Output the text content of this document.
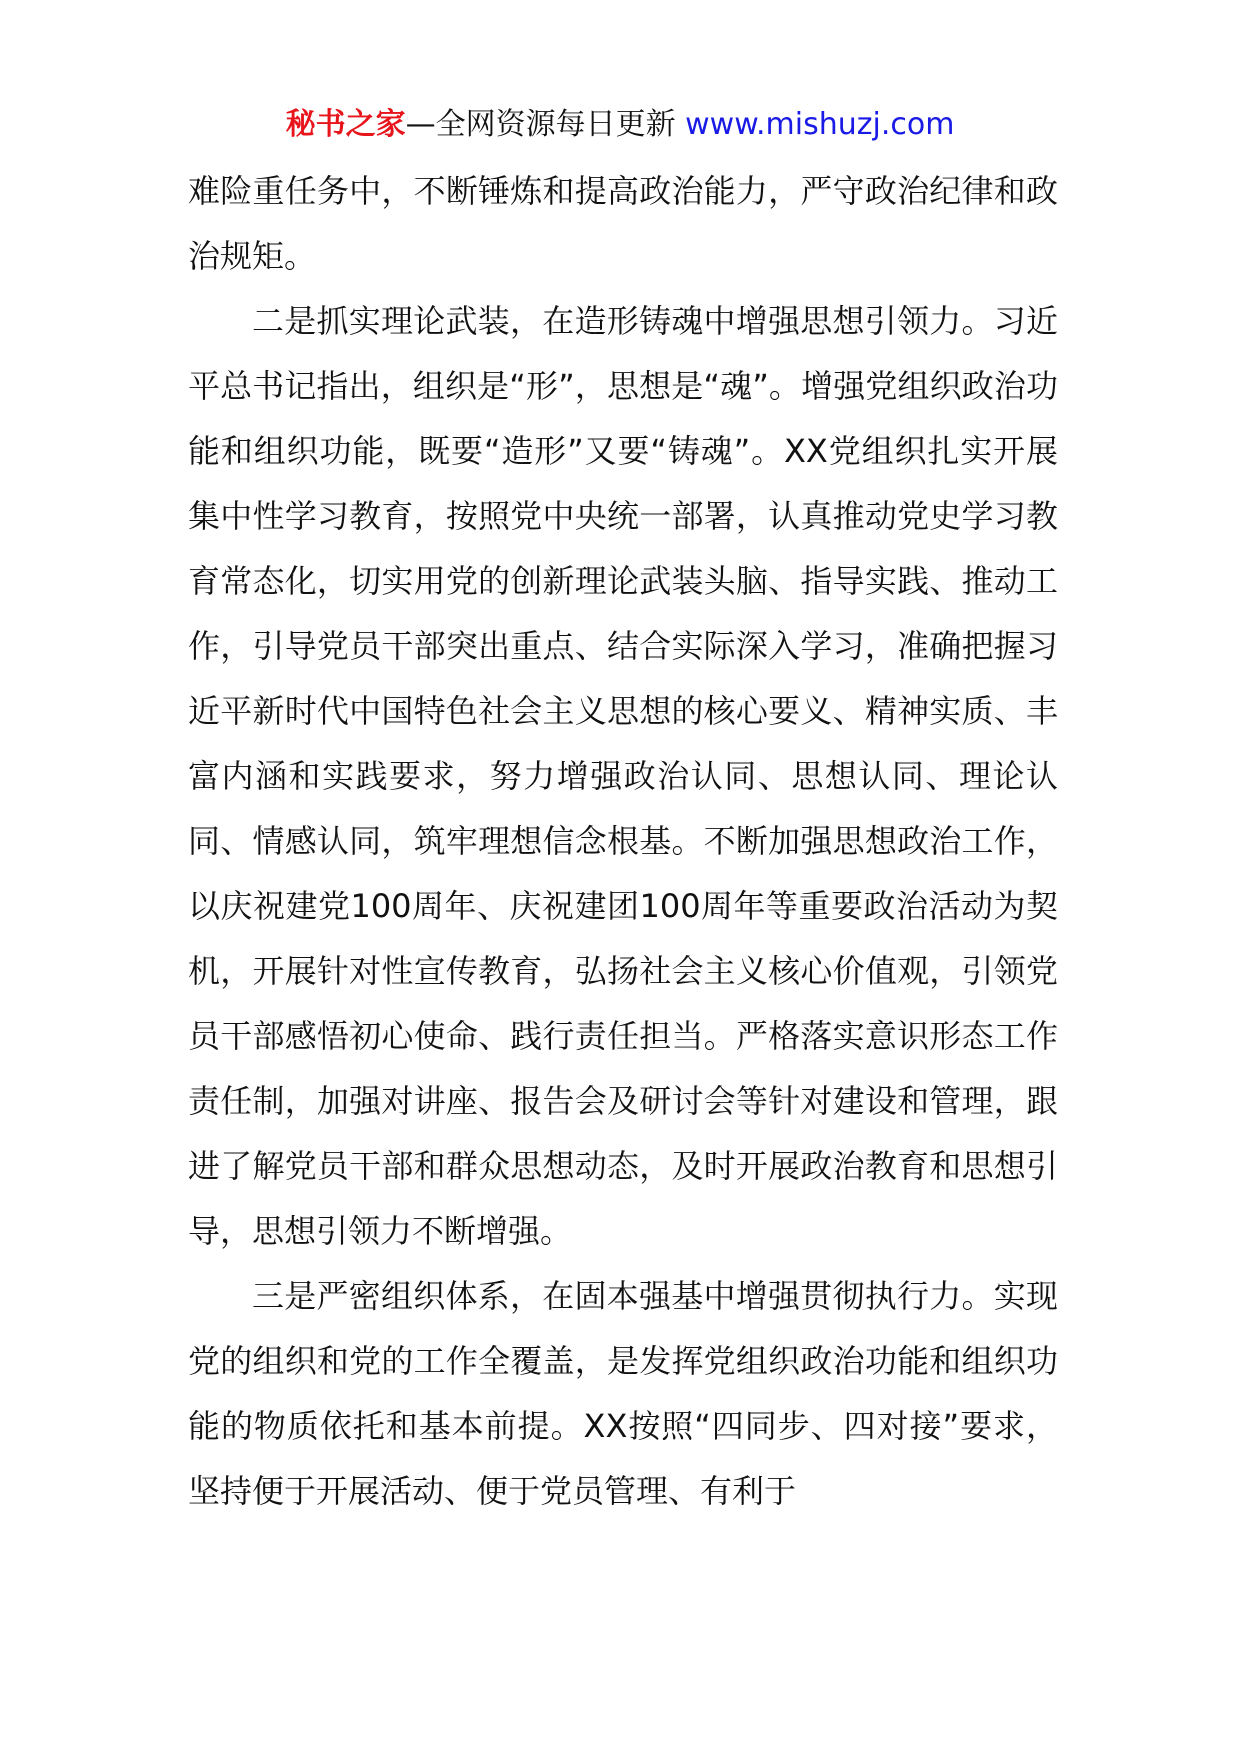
秘书之家—全网资源每日更新 www.mishuzj.com

难险重任务中，不断锤炼和提高政治能力，严守政治纪律和政治规矩。

二是抓实理论武装，在造形铸魂中增强思想引领力。习近平总书记指出，组织是“形”，思想是“魂”。增强党组织政治功能和组织功能，既要“造形”又要“铸魂”。XX党组织扎实开展集中性学习教育，按照党中央统一部署，认真推动党史学习教育常态化，切实用党的创新理论武装头脑、指导实践、推动工作，引导党员干部突出重点、结合实际深入学习，准确把握习近平新时代中国特色社会主义思想的核心要义、精神实质、丰富内涵和实践要求，努力增强政治认同、思想认同、理论认同、情感认同，筑牢理想信念根基。不断加强思想政治工作，以庆祝建党100周年、庆祝建团100周年等重要政治活动为契机，开展针对性宣传教育，弘扬社会主义核心价值观，引领党员干部感悟初心使命、践行责任担当。严格落实意识形态工作责任制，加强对讲座、报告会及研讨会等针对建设和管理，跟进了解党员干部和群众思想动态，及时开展政治教育和思想引导，思想引领力不断增强。

三是严密组织体系，在固本强基中增强贯彻执行力。实现党的组织和党的工作全覆盖，是发挥党组织政治功能和组织功能的物质依托和基本前提。XX按照“四同步、四对接”要求，坚持便于开展活动、便于党员管理、有利于
